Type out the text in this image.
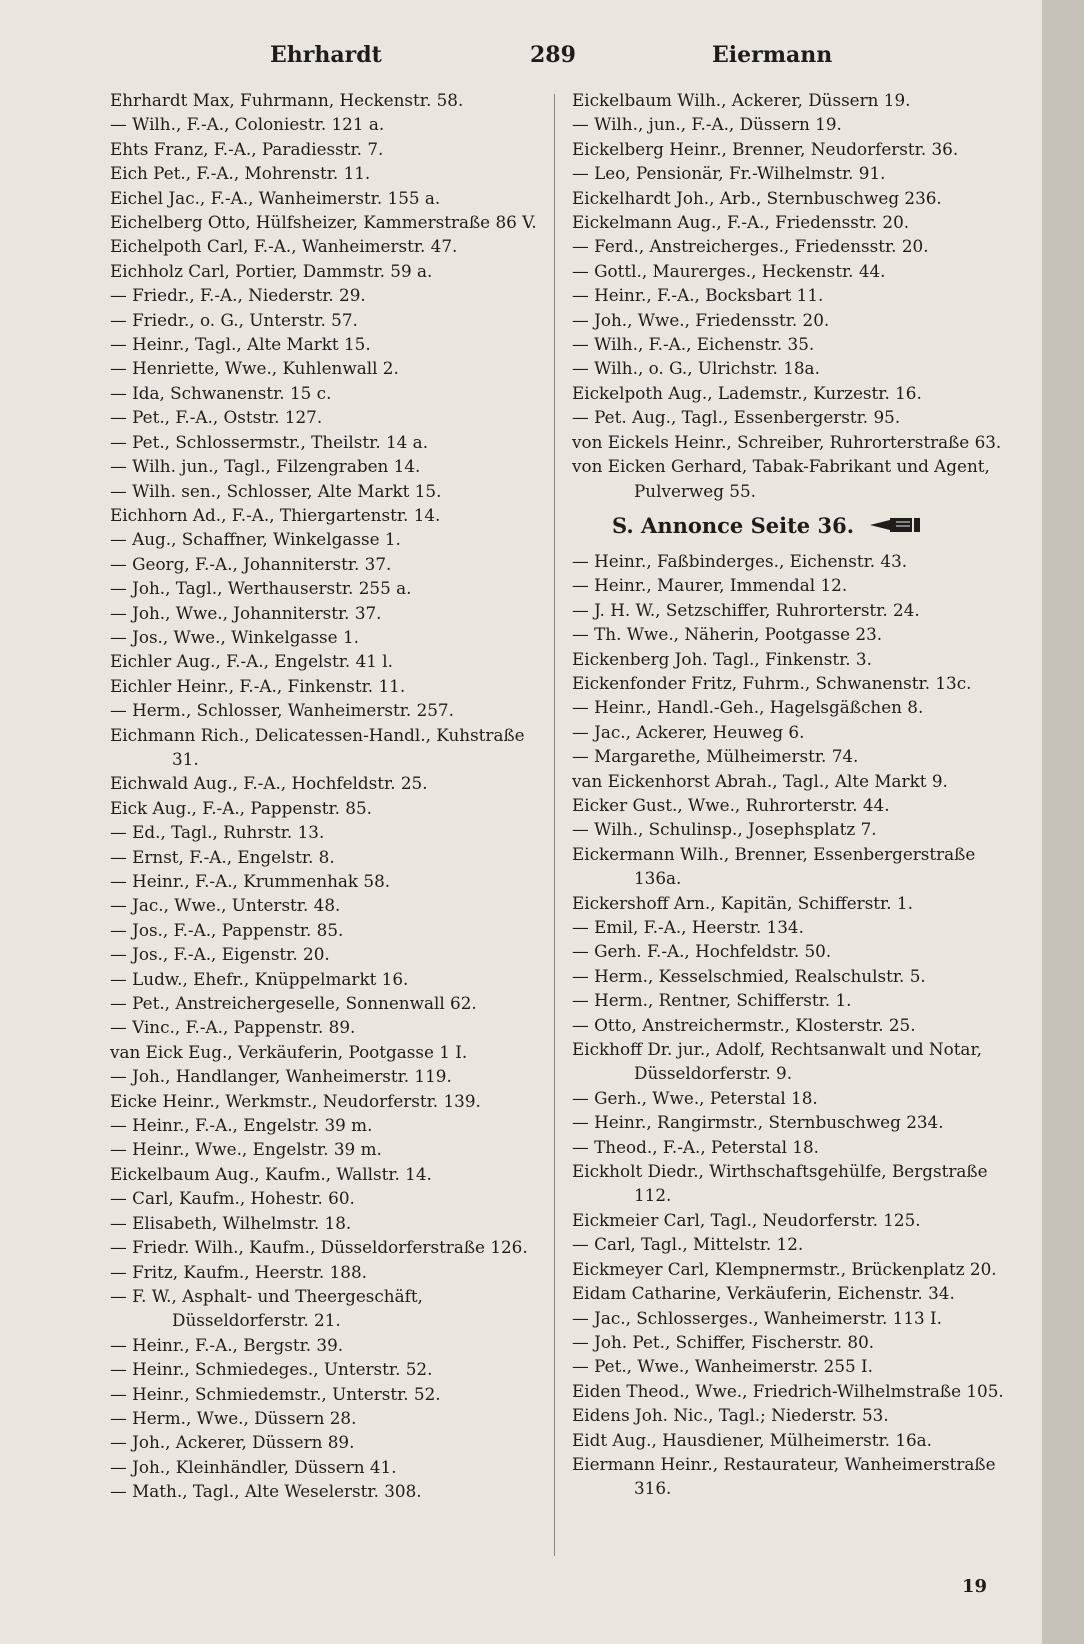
Ehrhardt	289	Eiermann

Ehrhardt Max, Fuhrmann, Heckenstr. 58.

— Wilh., F.-A., Coloniestr. 121 a.

Ehts Franz, F.-A., Paradiesstr. 7.

Eich Pet., F.-A., Mohrenstr. 11.

Eichel Jac., F.-A., Wanheimerstr. 155 a.

Eichelberg Otto, Hülfsheizer, Kammerstraße 86 V.

Eichelpoth Carl, F.-A., Wanheimerstr. 47.

Eichholz Carl, Portier, Dammstr. 59 a.

— Friedr., F.-A., Niederstr. 29.

— Friedr., o. G., Unterstr. 57.

— Heinr., Tagl., Alte Markt 15.

— Henriette, Wwe., Kuhlenwall 2.

— Ida, Schwanenstr. 15 c.

— Pet., F.-A., Oststr. 127.

— Pet., Schlossermstr., Theilstr. 14 a.

— Wilh. jun., Tagl., Filzengraben 14.

— Wilh. sen., Schlosser, Alte Markt 15.

Eichhorn Ad., F.-A., Thiergartenstr. 14.

— Aug., Schaffner, Winkelgasse 1.

— Georg, F.-A., Johanniterstr. 37.

— Joh., Tagl., Werthauserstr. 255 a.

— Joh., Wwe., Johanniterstr. 37.

— Jos., Wwe., Winkelgasse 1.

Eichler Aug., F.-A., Engelstr. 41 l.

Eichler Heinr., F.-A., Finkenstr. 11.

— Herm., Schlosser, Wanheimerstr. 257.

Eichmann Rich., Delicatessen-Handl., Kuhstraße 31.

Eichwald Aug., F.-A., Hochfeldstr. 25.

Eick Aug., F.-A., Pappenstr. 85.

— Ed., Tagl., Ruhrstr. 13.

— Ernst, F.-A., Engelstr. 8.

— Heinr., F.-A., Krummenhak 58.

— Jac., Wwe., Unterstr. 48.

— Jos., F.-A., Pappenstr. 85.

— Jos., F.-A., Eigenstr. 20.

— Ludw., Ehefr., Knüppelmarkt 16.

— Pet., Anstreichergeselle, Sonnenwall 62.

— Vinc., F.-A., Pappenstr. 89.

van Eick Eug., Verkäuferin, Pootgasse 1 I.

— Joh., Handlanger, Wanheimerstr. 119.

Eicke Heinr., Werkmstr., Neudorferstr. 139.

— Heinr., F.-A., Engelstr. 39 m.

— Heinr., Wwe., Engelstr. 39 m.

Eickelbaum Aug., Kaufm., Wallstr. 14.

— Carl, Kaufm., Hohestr. 60.

— Elisabeth, Wilhelmstr. 18.

— Friedr. Wilh., Kaufm., Düsseldorferstraße 126.

— Fritz, Kaufm., Heerstr. 188.

— F. W., Asphalt- und Theergeschäft, Düsseldorferstr. 21.

— Heinr., F.-A., Bergstr. 39.

— Heinr., Schmiedeges., Unterstr. 52.

— Heinr., Schmiedemstr., Unterstr. 52.

— Herm., Wwe., Düssern 28.

— Joh., Ackerer, Düssern 89.

— Joh., Kleinhändler, Düssern 41.

— Math., Tagl., Alte Weselerstr. 308.

Eickelbaum Wilh., Ackerer, Düssern 19.

— Wilh., jun., F.-A., Düssern 19.

Eickelberg Heinr., Brenner, Neudorferstr. 36.

— Leo, Pensionär, Fr.-Wilhelmstr. 91.

Eickelhardt Joh., Arb., Sternbuschweg 236.

Eickelmann Aug., F.-A., Friedensstr. 20.

— Ferd., Anstreicherges., Friedensstr. 20.

— Gottl., Maurerges., Heckenstr. 44.

— Heinr., F.-A., Bocksbart 11.

— Joh., Wwe., Friedensstr. 20.

— Wilh., F.-A., Eichenstr. 35.

— Wilh., o. G., Ulrichstr. 18a.

Eickelpoth Aug., Lademstr., Kurzestr. 16.

— Pet. Aug., Tagl., Essenbergerstr. 95.

von Eickels Heinr., Schreiber, Ruhrorterstraße 63.

von Eicken Gerhard, Tabak-Fabrikant und Agent, Pulverweg 55.

S. Annonce Seite 36.

— Heinr., Faßbinderges., Eichenstr. 43.

— Heinr., Maurer, Immendal 12.

— J. H. W., Setzschiffer, Ruhrorterstr. 24.

— Th. Wwe., Näherin, Pootgasse 23.

Eickenberg Joh. Tagl., Finkenstr. 3.

Eickenfonder Fritz, Fuhrm., Schwanenstr. 13c.

— Heinr., Handl.-Geh., Hagelsgäßchen 8.

— Jac., Ackerer, Heuweg 6.

— Margarethe, Mülheimerstr. 74.

van Eickenhorst Abrah., Tagl., Alte Markt 9.

Eicker Gust., Wwe., Ruhrorterstr. 44.

— Wilh., Schulinsp., Josephsplatz 7.

Eickermann Wilh., Brenner, Essenbergerstraße 136a.

Eickershoff Arn., Kapitän, Schifferstr. 1.

— Emil, F.-A., Heerstr. 134.

— Gerh. F.-A., Hochfeldstr. 50.

— Herm., Kesselschmied, Realschulstr. 5.

— Herm., Rentner, Schifferstr. 1.

— Otto, Anstreichermstr., Klosterstr. 25.

Eickhoff Dr. jur., Adolf, Rechtsanwalt und Notar, Düsseldorferstr. 9.

— Gerh., Wwe., Peterstal 18.

— Heinr., Rangirmstr., Sternbuschweg 234.

— Theod., F.-A., Peterstal 18.

Eickholt Diedr., Wirthschaftsgehülfe, Bergstraße 112.

Eickmeier Carl, Tagl., Neudorferstr. 125.

— Carl, Tagl., Mittelstr. 12.

Eickmeyer Carl, Klempnermstr., Brückenplatz 20.

Eidam Catharine, Verkäuferin, Eichenstr. 34.

— Jac., Schlosserges., Wanheimerstr. 113 I.

— Joh. Pet., Schiffer, Fischerstr. 80.

— Pet., Wwe., Wanheimerstr. 255 I.

Eiden Theod., Wwe., Friedrich-Wilhelmstraße 105.

Eidens Joh. Nic., Tagl.; Niederstr. 53.

Eidt Aug., Hausdiener, Mülheimerstr. 16a.

Eiermann Heinr., Restaurateur, Wanheimerstraße 316.

19
